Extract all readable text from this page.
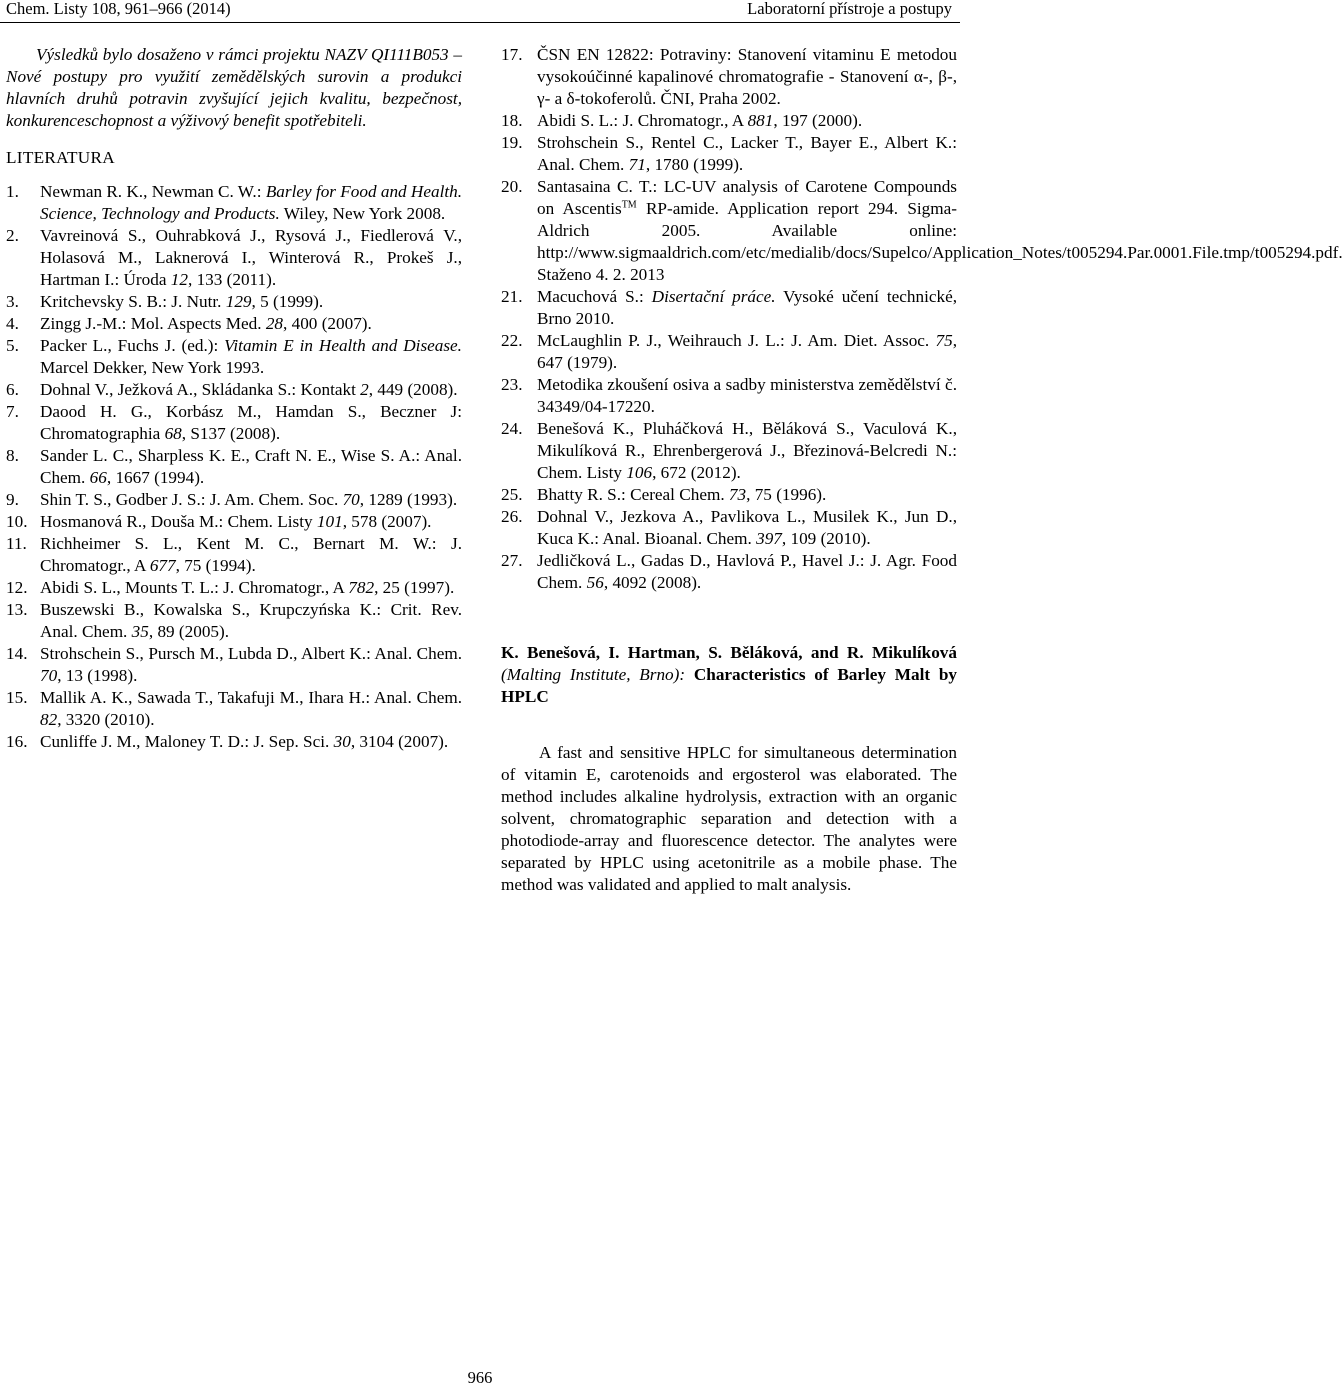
Chem. Listy 108, 961–966 (2014)	Laboratorní přístroje a postupy

Výsledků bylo dosaženo v rámci projektu NAZV QI111B053 – Nové postupy pro využití zemědělských surovin a produkci hlavních druhů potravin zvyšující jejich kvalitu, bezpečnost, konkurenceschopnost a výživový benefit spotřebiteli.

LITERATURA
1. Newman R. K., Newman C. W.: Barley for Food and Health. Science, Technology and Products. Wiley, New York 2008.
2. Vavreinová S., Ouhrabková J., Rysová J., Fiedlerová V., Holasová M., Laknerová I., Winterová R., Prokeš J., Hartman I.: Úroda 12, 133 (2011).
3. Kritchevsky S. B.: J. Nutr. 129, 5 (1999).
4. Zingg J.-M.: Mol. Aspects Med. 28, 400 (2007).
5. Packer L., Fuchs J. (ed.): Vitamin E in Health and Disease. Marcel Dekker, New York 1993.
6. Dohnal V., Ježková A., Skládanka S.: Kontakt 2, 449 (2008).
7. Daood H. G., Korbász M., Hamdan S., Beczner J: Chromatographia 68, S137 (2008).
8. Sander L. C., Sharpless K. E., Craft N. E., Wise S. A.: Anal. Chem. 66, 1667 (1994).
9. Shin T. S., Godber J. S.: J. Am. Chem. Soc. 70, 1289 (1993).
10. Hosmanová R., Douša M.: Chem. Listy 101, 578 (2007).
11. Richheimer S. L., Kent M. C., Bernart M. W.: J. Chromatogr., A 677, 75 (1994).
12. Abidi S. L., Mounts T. L.: J. Chromatogr., A 782, 25 (1997).
13. Buszewski B., Kowalska S., Krupczyńska K.: Crit. Rev. Anal. Chem. 35, 89 (2005).
14. Strohschein S., Pursch M., Lubda D., Albert K.: Anal. Chem. 70, 13 (1998).
15. Mallik A. K., Sawada T., Takafuji M., Ihara H.: Anal. Chem. 82, 3320 (2010).
16. Cunliffe J. M., Maloney T. D.: J. Sep. Sci. 30, 3104 (2007).
17. ČSN EN 12822: Potraviny: Stanovení vitaminu E metodou vysokoúčinné kapalinové chromatografie - Stanovení α-, β-, γ- a δ-tokoferolů. ČNI, Praha 2002.
18. Abidi S. L.: J. Chromatogr., A 881, 197 (2000).
19. Strohschein S., Rentel C., Lacker T., Bayer E., Albert K.: Anal. Chem. 71, 1780 (1999).
20. Santasaina C. T.: LC-UV analysis of Carotene Compounds on Ascentis™ RP-amide. Application report 294. Sigma-Aldrich 2005. Available online: http://www.sigmaaldrich.com/etc/medialib/docs/Supelco/Application_Notes/t005294.Par.0001.File.tmp/t005294.pdf. Staženo 4. 2. 2013
21. Macuchová S.: Disertační práce. Vysoké učení technické, Brno 2010.
22. McLaughlin P. J., Weihrauch J. L.: J. Am. Diet. Assoc. 75, 647 (1979).
23. Metodika zkoušení osiva a sadby ministerstva zemědělství č. 34349/04-17220.
24. Benešová K., Pluháčková H., Běláková S., Vaculová K., Mikulíková R., Ehrenbergerová J., Březinová-Belcredi N.: Chem. Listy 106, 672 (2012).
25. Bhatty R. S.: Cereal Chem. 73, 75 (1996).
26. Dohnal V., Jezkova A., Pavlikova L., Musilek K., Jun D., Kuca K.: Anal. Bioanal. Chem. 397, 109 (2010).
27. Jedličková L., Gadas D., Havlová P., Havel J.: J. Agr. Food Chem. 56, 4092 (2008).
K. Benešová, I. Hartman, S. Běláková, and R. Mikulíková (Malting Institute, Brno): Characteristics of Barley Malt by HPLC

A fast and sensitive HPLC for simultaneous determination of vitamin E, carotenoids and ergosterol was elaborated. The method includes alkaline hydrolysis, extraction with an organic solvent, chromatographic separation and detection with a photodiode-array and fluorescence detector. The analytes were separated by HPLC using acetonitrile as a mobile phase. The method was validated and applied to malt analysis.

966
